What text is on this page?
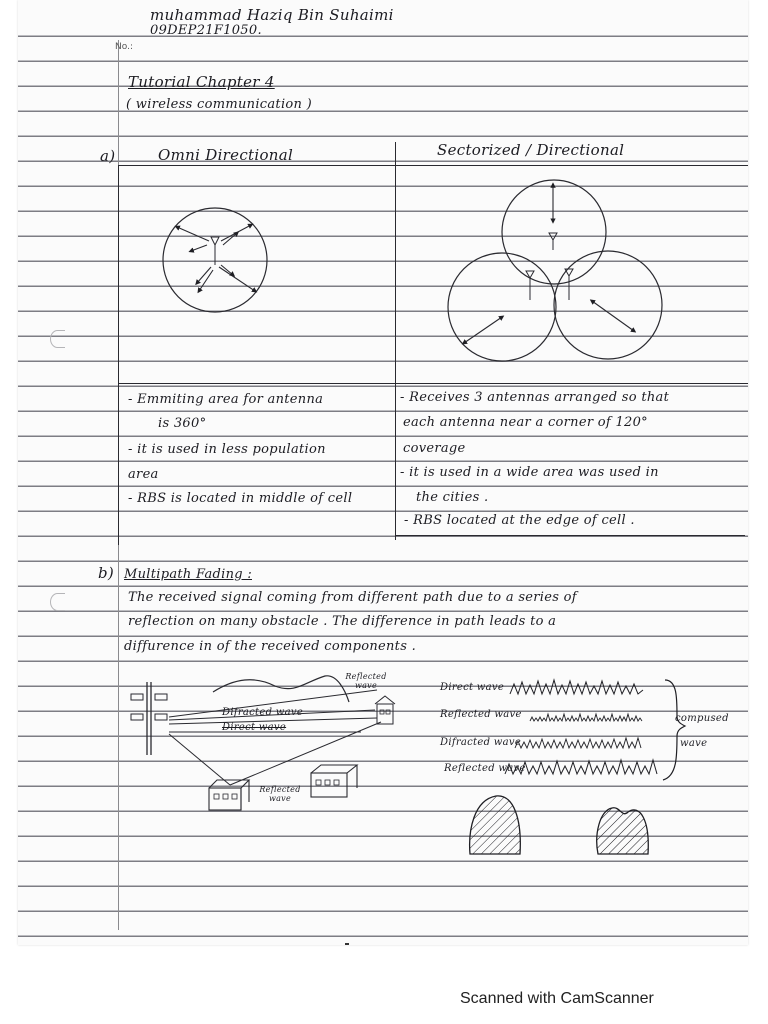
muhammad Haziq Bin Suhaimi
09DEP21F1050.
No.:
Tutorial Chapter 4
( wireless communication )
a)	Omni Directional	Sectorized / Directional
- Emmiting area for antenna
is 360°
- it is used in less population
area
- RBS is located in middle of cell
- Receives 3 antennas arranged so that
each antenna near a corner of 120°
coverage
- it is used in a wide area was used in
the cities .
- RBS located at the edge of cell .
b) Multipath Fading :
The received signal coming from different path due to a series of
reflection on many obstacle . The difference in path leads to a
diffurence in of the received components .
Reflected wave
Difracted wave
Direct wave
Reflected wave
Direct wave
Reflected wave
Difracted wave
Reflected wave
compused
wave
Scanned with CamScanner
